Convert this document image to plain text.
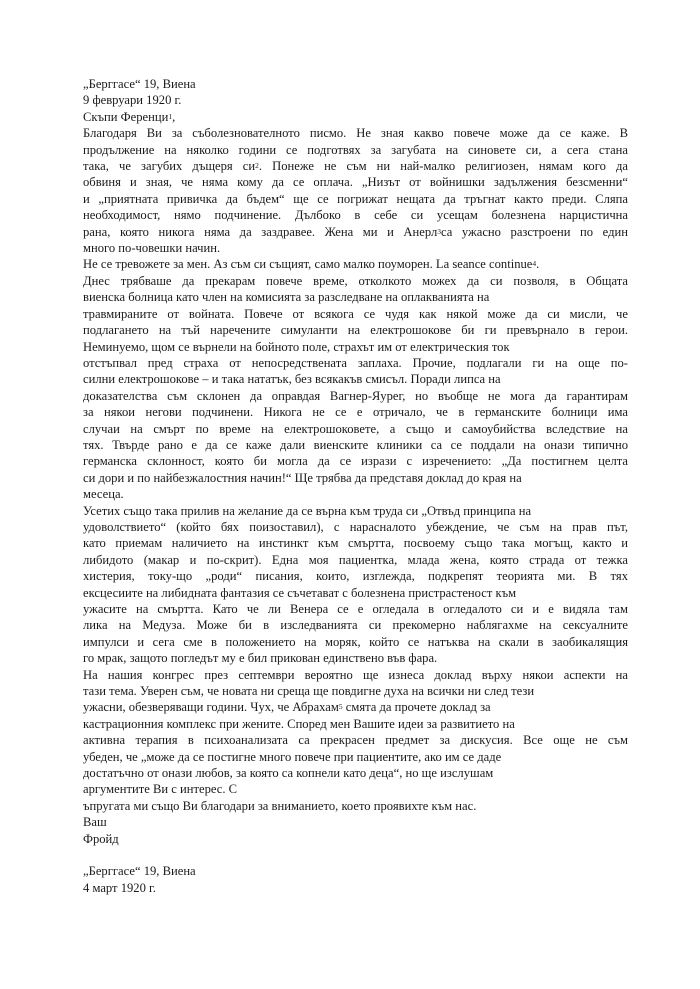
„Берггасе“ 19, Виена
9 февруари 1920 г.
Скъпи Ференци$^1$,
Благодаря Ви за съболезнователното писмо. Не зная какво повече може да се каже. В
продължение на няколко години се подготвях за загубата на синовете си, а сега стана
така, че загубих дъщеря $си^2$. Понеже не съм ни най-малко религиозен, нямам кого да
обвиня и зная, че няма кому да се оплача. „Низът от войнишки задължения безсменни“
и „приятната привичка да бъдем“ ще се погрижат нещата да тръгнат както преди. Сляпа
необходимост, нямо подчинение. Дълбоко в себе си усещам болезнена нарцистична
рана, която никога няма да заздравее. Жена ми и Анерл$^3$са ужасно разстроени по един
много по-човешки начин.
Не се тревожете за мен. Аз съм си същият, само малко поуморен. La seance continue$^4$.
Днес трябваше да прекарам повече време, отколкото можех да си позволя, в Общата
виенска болница като член на комисията за разследване на оплакванията на
травмираните от войната. Повече от всякога се чудя как някой може да си мисли, че
подлагането на тъй наречените симуланти на електрошокове би ги превърнало в герои.
Неминуемо, щом се върнели на бойното поле, страхът им от електрическия ток
отстъпвал пред страха от непосредствената заплаха. Прочие, подлагали ги на още по-
силни електрошокове – и така нататък, без всякакъв смисъл. Поради липса на
доказателства съм склонен да оправдая Вагнер-Яурег, но въобще не мога да гарантирам
за някои негови подчинени. Никога не се е отричало, че в германските болници има
случаи на смърт по време на електрошоковете, а също и самоубийства вследствие на
тях. Твърде рано е да се каже дали виенските клиники са се поддали на онази типично
германска склонност, която би могла да се изрази с изречението: „Да постигнем целта
си дори и по найбезжалостния начин!“ Ще трябва да представя доклад до края на
месеца.
Усетих също така прилив на желание да се върна към труда си „Отвъд принципа на
удоволствието“ (който бях поизоставил), с нарасналото убеждение, че съм на прав път,
като приемам наличието на инстинкт към смъртта, посвоему също така могъщ, както и
либидото (макар и по-скрит). Една моя пациентка, млада жена, която страда от тежка
хистерия, току-що „роди“ писания, които, изглежда, подкрепят теорията ми. В тях
ексцесиите на либидната фантазия се съчетават с болезнена пристрастеност към
ужасите на смъртта. Като че ли Венера се е огледала в огледалото си и е видяла там
лика на Медуза. Може би в изследванията си прекомерно наблягахме на сексуалните
импулси и сега сме в положението на моряк, който се натъква на скали в заобикалящия
го мрак, защото погледът му е бил прикован единствено във фара.
На нашия конгрес през септември вероятно ще изнеса доклад върху някои аспекти на
тази тема. Уверен съм, че новата ни среща ще повдигне духа на всички ни след тези
ужасни, обезверяващи години. Чух, че Абрахам$^5$ смята да прочете доклад за
кастрационния комплекс при жените. Според мен Вашите идеи за развитието на
активна терапия в психоанализата са прекрасен предмет за дискусия. Все още не съм
убеден, че „може да се постигне много повече при пациентите, ако им се даде
достатъчно от онази любов, за която са копнели като деца“, но ще изслушам
аргументите Ви с интерес. С
ъпругата ми също Ви благодари за вниманието, което проявихте към нас.
Ваш
Фройд
„Берггасе“ 19, Виена
4 март 1920 г.
